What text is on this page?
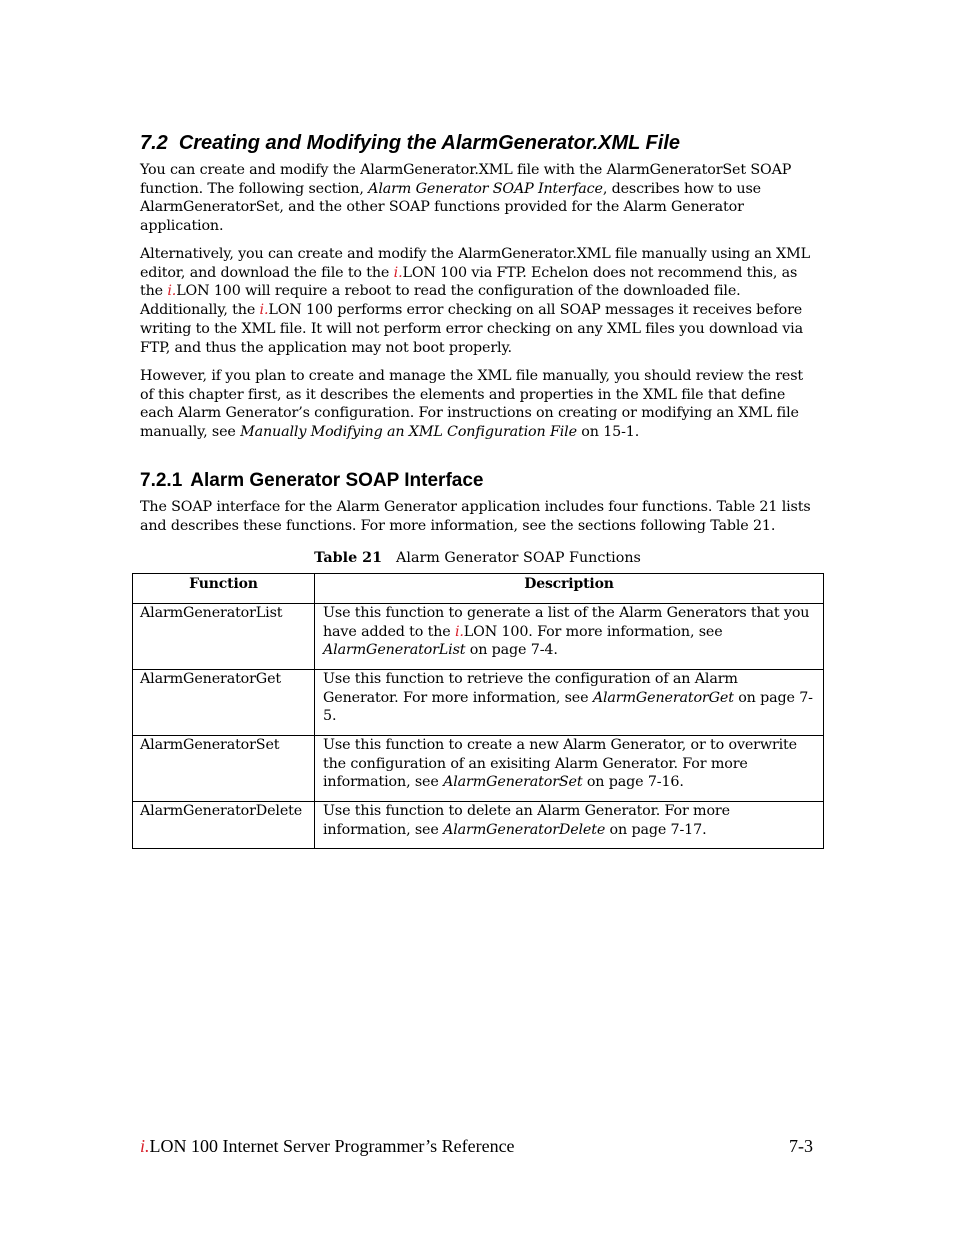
7.2 Creating and Modifying the AlarmGenerator.XML File

You can create and modify the AlarmGenerator.XML file with the AlarmGeneratorSet SOAP function. The following section, Alarm Generator SOAP Interface, describes how to use AlarmGeneratorSet, and the other SOAP functions provided for the Alarm Generator application.

Alternatively, you can create and modify the AlarmGenerator.XML file manually using an XML editor, and download the file to the i.LON 100 via FTP. Echelon does not recommend this, as the i.LON 100 will require a reboot to read the configuration of the downloaded file. Additionally, the i.LON 100 performs error checking on all SOAP messages it receives before writing to the XML file. It will not perform error checking on any XML files you download via FTP, and thus the application may not boot properly.

However, if you plan to create and manage the XML file manually, you should review the rest of this chapter first, as it describes the elements and properties in the XML file that define each Alarm Generator’s configuration. For instructions on creating or modifying an XML file manually, see Manually Modifying an XML Configuration File on 15-1.

7.2.1 Alarm Generator SOAP Interface

The SOAP interface for the Alarm Generator application includes four functions. Table 21 lists and describes these functions. For more information, see the sections following Table 21.

Table 21 Alarm Generator SOAP Functions

Function	Description
AlarmGeneratorList	Use this function to generate a list of the Alarm Generators that you have added to the i.LON 100. For more information, see AlarmGeneratorList on page 7-4.
AlarmGeneratorGet	Use this function to retrieve the configuration of an Alarm Generator. For more information, see AlarmGeneratorGet on page 7-5.
AlarmGeneratorSet	Use this function to create a new Alarm Generator, or to overwrite the configuration of an exisiting Alarm Generator. For more information, see AlarmGeneratorSet on page 7-16.
AlarmGeneratorDelete	Use this function to delete an Alarm Generator. For more information, see AlarmGeneratorDelete on page 7-17.
i.LON 100 Internet Server Programmer’s Reference	7-3
